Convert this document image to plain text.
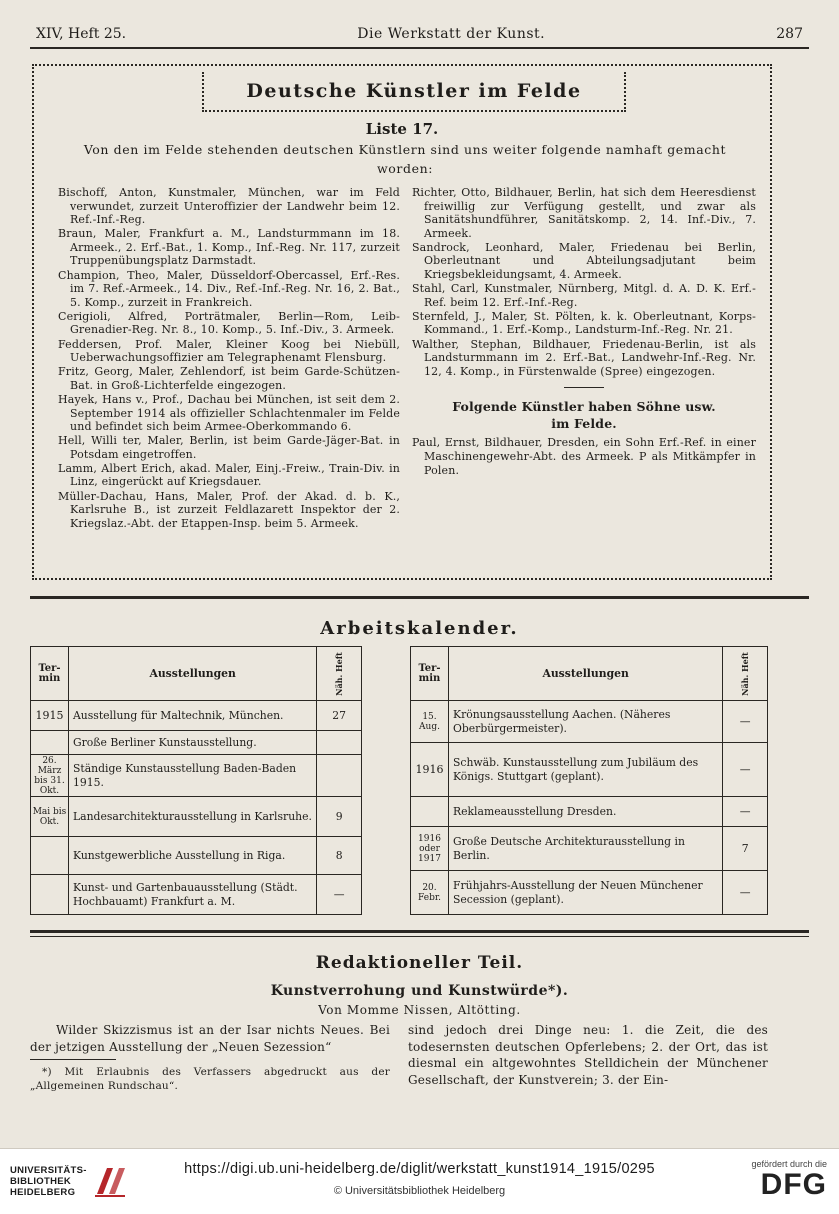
XIV, Heft 25.	Die Werkstatt der Kunst.	287
Deutsche Künstler im Felde
Liste 17.
Von den im Felde stehenden deutschen Künstlern sind uns weiter folgende namhaft gemacht worden:

Bischoff, Anton, Kunstmaler, München, war im Feld verwundet, zurzeit Unteroffizier der Landwehr beim 12. Ref.-Inf.-Reg.

Braun, Maler, Frankfurt a. M., Landsturmmann im 18. Armeek., 2. Erf.-Bat., 1. Komp., Inf.-Reg. Nr. 117, zurzeit Truppenübungsplatz Darmstadt.

Champion, Theo, Maler, Düsseldorf-Obercassel, Erf.-Res. im 7. Ref.-Armeek., 14. Div., Ref.-Inf.-Reg. Nr. 16, 2. Bat., 5. Komp., zurzeit in Frankreich.

Cerigioli, Alfred, Porträtmaler, Berlin—Rom, Leib-Grenadier-Reg. Nr. 8., 10. Komp., 5. Inf.-Div., 3. Armeek.

Feddersen, Prof. Maler, Kleiner Koog bei Niebüll, Ueberwachungsoffizier am Telegraphenamt Flensburg.

Fritz, Georg, Maler, Zehlendorf, ist beim Garde-Schützen-Bat. in Groß-Lichterfelde eingezogen.

Hayek, Hans v., Prof., Dachau bei München, ist seit dem 2. September 1914 als offizieller Schlachtenmaler im Felde und befindet sich beim Armee-Oberkommando 6.

Hell, Willi ter, Maler, Berlin, ist beim Garde-Jäger-Bat. in Potsdam eingetroffen.

Lamm, Albert Erich, akad. Maler, Einj.-Freiw., Train-Div. in Linz, eingerückt auf Kriegsdauer.

Müller-Dachau, Hans, Maler, Prof. der Akad. d. b. K., Karlsruhe B., ist zurzeit Feldlazarett Inspektor der 2. Kriegslaz.-Abt. der Etappen-Insp. beim 5. Armeek.

Richter, Otto, Bildhauer, Berlin, hat sich dem Heeresdienst freiwillig zur Verfügung gestellt, und zwar als Sanitätshundführer, Sanitätskomp. 2, 14. Inf.-Div., 7. Armeek.

Sandrock, Leonhard, Maler, Friedenau bei Berlin, Oberleutnant und Abteilungsadjutant beim Kriegsbekleidungsamt, 4. Armeek.

Stahl, Carl, Kunstmaler, Nürnberg, Mitgl. d. A. D. K. Erf.-Ref. beim 12. Erf.-Inf.-Reg.

Sternfeld, J., Maler, St. Pölten, k. k. Oberleutnant, Korps-Kommand., 1. Erf.-Komp., Landsturm-Inf.-Reg. Nr. 21.

Walther, Stephan, Bildhauer, Friedenau-Berlin, ist als Landsturmmann im 2. Erf.-Bat., Landwehr-Inf.-Reg. Nr. 12, 4. Komp., in Fürstenwalde (Spree) eingezogen.

Folgende Künstler haben Söhne usw.
im Felde.

Paul, Ernst, Bildhauer, Dresden, ein Sohn Erf.-Ref. in einer Maschinengewehr-Abt. des Armeek. P als Mitkämpfer in Polen.

Arbeitskalender.
Ter-
min	Ausstellungen	Näh. Heft
1915	Ausstellung für Maltechnik, München.	27
	Große Berliner Kunstausstellung.	
26. März bis 31. Okt.	Ständige Kunstausstellung Baden-Baden 1915.	
Mai bis Okt.	Landesarchitekturausstellung in Karlsruhe.	9
	Kunstgewerbliche Ausstellung in Riga.	8
	Kunst- und Gartenbauausstellung (Städt. Hochbauamt) Frankfurt a. M.	—
Ter-
min	Ausstellungen	Näh. Heft
15. Aug.	Krönungsausstellung Aachen. (Näheres Oberbürgermeister).	—
1916	Schwäb. Kunstausstellung zum Jubiläum des Königs. Stuttgart (geplant).	—
	Reklameausstellung Dresden.	—
1916 oder 1917	Große Deutsche Architekturausstellung in Berlin.	7
20. Febr.	Frühjahrs-Ausstellung der Neuen Münchener Secession (geplant).	—
Redaktioneller Teil.
Kunstverrohung und Kunstwürde*).
Von Momme Nissen, Altötting.
Wilder Skizzismus ist an der Isar nichts Neues. Bei der jetzigen Ausstellung der „Neuen Sezession“
*) Mit Erlaubnis des Verfassers abgedruckt aus der „Allgemeinen Rundschau“.
sind jedoch drei Dinge neu: 1. die Zeit, die des todesernsten deutschen Opferlebens; 2. der Ort, das ist diesmal ein altgewohntes Stelldichein der Münchener Gesellschaft, der Kunstverein; 3. der Ein-
UNIVERSITÄTS-
BIBLIOTHEK
HEIDELBERG
https://digi.ub.uni-heidelberg.de/diglit/werkstatt_kunst1914_1915/0295
© Universitätsbibliothek Heidelberg
gefördert durch die
DFG
